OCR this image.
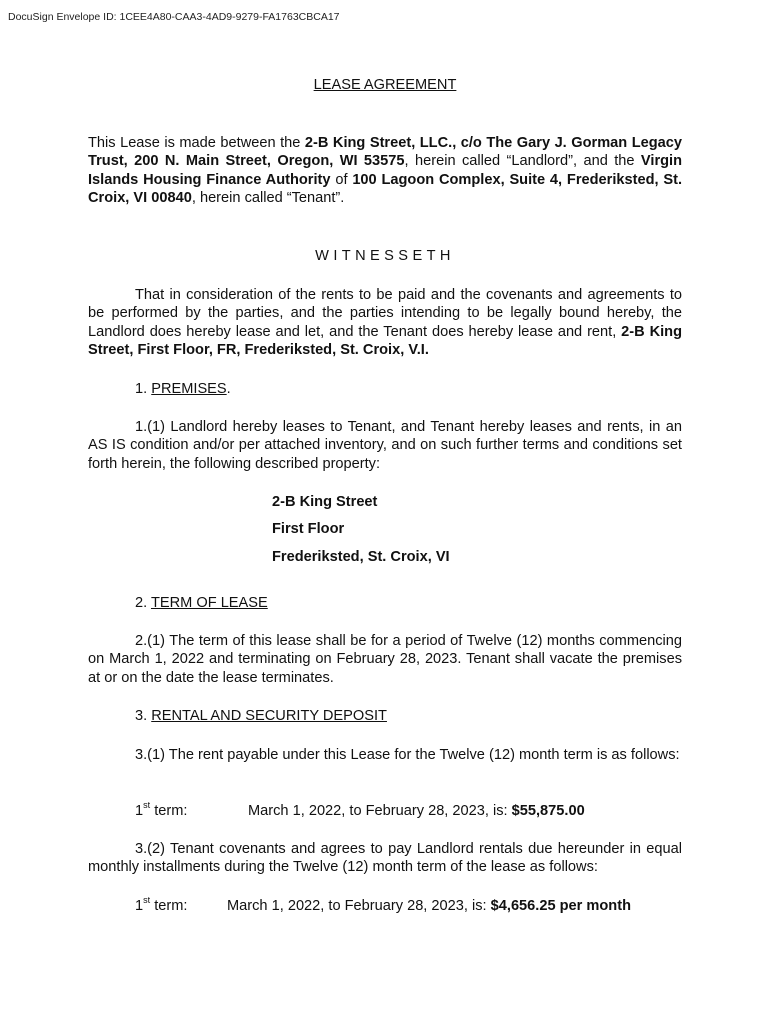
DocuSign Envelope ID: 1CEE4A80-CAA3-4AD9-9279-FA1763CBCA17
LEASE AGREEMENT
This Lease is made between the 2-B King Street, LLC., c/o The Gary J. Gorman Legacy Trust, 200 N. Main Street, Oregon, WI 53575, herein called “Landlord”, and the Virgin Islands Housing Finance Authority of 100 Lagoon Complex, Suite 4, Frederiksted, St. Croix, VI 00840, herein called “Tenant”.
WITNESSETH
That in consideration of the rents to be paid and the covenants and agreements to be performed by the parties, and the parties intending to be legally bound hereby, the Landlord does hereby lease and let, and the Tenant does hereby lease and rent, 2-B King Street, First Floor, FR, Frederiksted, St. Croix, V.I.
1. PREMISES.
1.(1) Landlord hereby leases to Tenant, and Tenant hereby leases and rents, in an AS IS condition and/or per attached inventory, and on such further terms and conditions set forth herein, the following described property:
2-B King Street
First Floor
Frederiksted, St. Croix, VI
2. TERM OF LEASE
2.(1) The term of this lease shall be for a period of Twelve (12) months commencing on March 1, 2022 and terminating on February 28, 2023. Tenant shall vacate the premises at or on the date the lease terminates.
3. RENTAL AND SECURITY DEPOSIT
3.(1) The rent payable under this Lease for the Twelve (12) month term is as follows:
1st term:	March 1, 2022, to February 28, 2023, is: $55,875.00
3.(2) Tenant covenants and agrees to pay Landlord rentals due hereunder in equal monthly installments during the Twelve (12) month term of the lease as follows:
1st term:	March 1, 2022, to February 28, 2023, is: $4,656.25 per month
